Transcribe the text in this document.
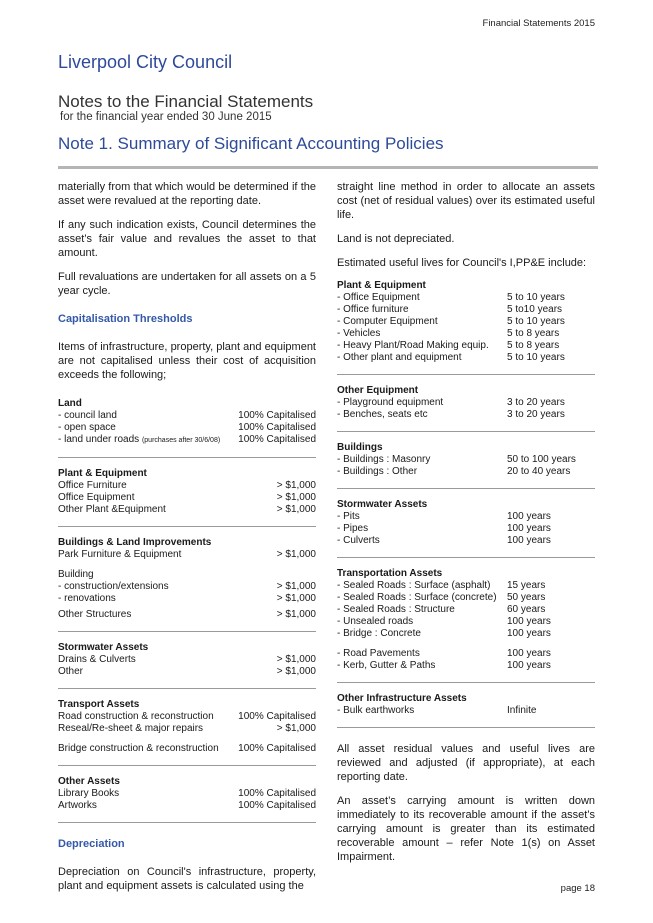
Financial Statements 2015
Liverpool City Council
Notes to the Financial Statements
for the financial year ended 30 June 2015
Note 1. Summary of Significant Accounting Policies

materially from that which would be determined if the asset were revalued at the reporting date.

If any such indication exists, Council determines the asset’s fair value and revalues the asset to that amount.

Full revaluations are undertaken for all assets on a 5 year cycle.

Capitalisation Thresholds

Items of infrastructure, property, plant and equipment are not capitalised unless their cost of acquisition exceeds the following;

Land
- council land	100% Capitalised
- open space	100% Capitalised
- land under roads (purchases after 30/6/08) 100% Capitalised
Plant & Equipment
Office Furniture	> $1,000
Office Equipment	> $1,000
Other Plant &Equipment	> $1,000
Buildings & Land Improvements
Park Furniture & Equipment	> $1,000
Building
- construction/extensions	> $1,000
- renovations	> $1,000
Other Structures	> $1,000
Stormwater Assets
Drains & Culverts	> $1,000
Other	> $1,000
Transport Assets
Road construction & reconstruction 100% Capitalised
Reseal/Re-sheet & major repairs	> $1,000
Bridge construction & reconstruction 100% Capitalised
Other Assets
Library Books	100% Capitalised
Artworks	100% Capitalised
Depreciation

Depreciation on Council's infrastructure, property, plant and equipment assets is calculated using the

straight line method in order to allocate an assets cost (net of residual values) over its estimated useful life.

Land is not depreciated.

Estimated useful lives for Council's I,PP&E include:

Plant & Equipment
- Office Equipment	5 to 10 years
- Office furniture	5 to10 years
- Computer Equipment	5 to 10 years
- Vehicles	5 to 8 years
- Heavy Plant/Road Making equip. 5 to 8 years
- Other plant and equipment	5 to 10 years
Other Equipment
- Playground equipment	3 to 20 years
- Benches, seats etc	3 to 20 years
Buildings
- Buildings : Masonry	50 to 100 years
- Buildings : Other	20 to 40 years
Stormwater Assets
- Pits	100 years
- Pipes	100 years
- Culverts	100 years
Transportation Assets
- Sealed Roads : Surface (asphalt) 15 years
- Sealed Roads : Surface (concrete) 50 years
- Sealed Roads : Structure	60 years
- Unsealed roads	100 years
- Bridge : Concrete	100 years
- Road Pavements	100 years
- Kerb, Gutter & Paths	100 years
Other Infrastructure Assets
- Bulk earthworks	Infinite

All asset residual values and useful lives are reviewed and adjusted (if appropriate), at each reporting date.

An asset’s carrying amount is written down immediately to its recoverable amount if the asset’s carrying amount is greater than its estimated recoverable amount – refer Note 1(s) on Asset Impairment.

page 18
